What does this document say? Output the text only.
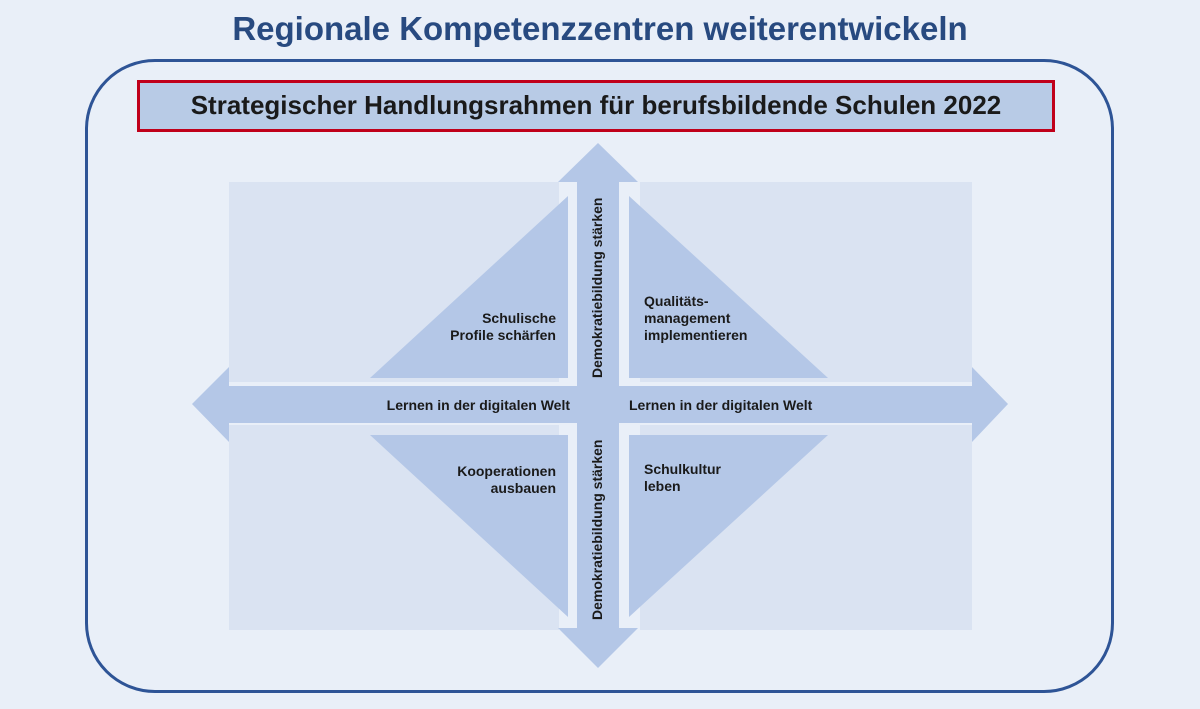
Regionale Kompetenzzentren weiterentwickeln
Strategischer Handlungsrahmen für berufsbildende Schulen 2022
Schulische
Profile schärfen
Qualitäts-
management
implementieren
Kooperationen
ausbauen
Schulkultur
leben
Lernen in der digitalen Welt	Lernen in der digitalen Welt
Demokratiebildung stärken
Demokratiebildung stärken
